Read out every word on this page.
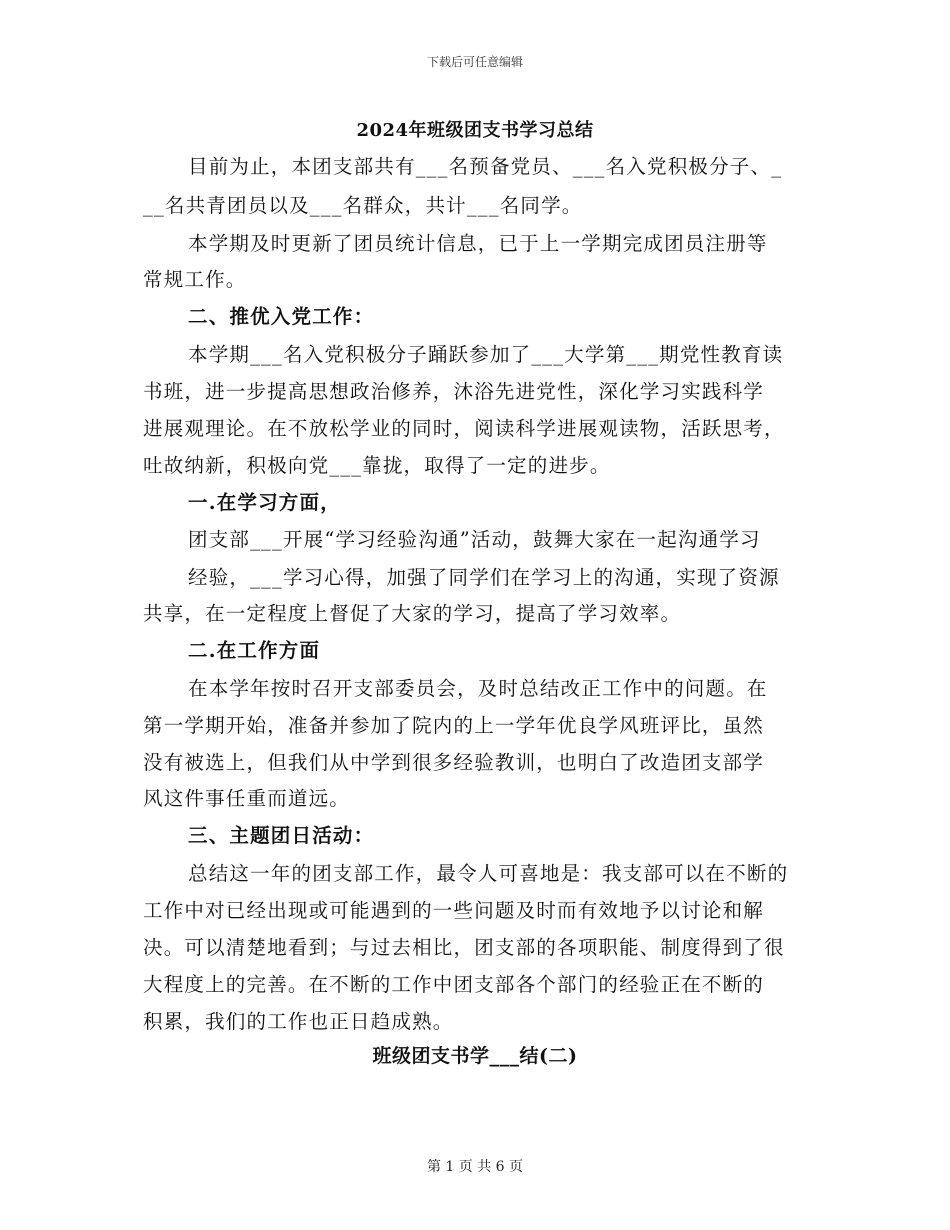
下载后可任意编辑
2024年班级团支书学习总结
目前为止，本团支部共有___名预备党员、___名入党积极分子、_
__名共青团员以及___名群众，共计___名同学。
本学期及时更新了团员统计信息，已于上一学期完成团员注册等
常规工作。
二、推优入党工作：
本学期___名入党积极分子踊跃参加了___大学第___期党性教育读
书班，进一步提高思想政治修养，沐浴先进党性，深化学习实践科学
进展观理论。在不放松学业的同时，阅读科学进展观读物，活跃思考，
吐故纳新，积极向党___靠拢，取得了一定的进步。
一.在学习方面，
团支部___开展“学习经验沟通”活动，鼓舞大家在一起沟通学习
经验，___学习心得，加强了同学们在学习上的沟通，实现了资源
共享，在一定程度上督促了大家的学习，提高了学习效率。
二.在工作方面
在本学年按时召开支部委员会，及时总结改正工作中的问题。在
第一学期开始，准备并参加了院内的上一学年优良学风班评比，虽然
没有被选上，但我们从中学到很多经验教训，也明白了改造团支部学
风这件事任重而道远。
三、主题团日活动：
总结这一年的团支部工作，最令人可喜地是：我支部可以在不断的
工作中对已经出现或可能遇到的一些问题及时而有效地予以讨论和解
决。可以清楚地看到；与过去相比，团支部的各项职能、制度得到了很
大程度上的完善。在不断的工作中团支部各个部门的经验正在不断的
积累，我们的工作也正日趋成熟。
班级团支书学___结(二)
第 1 页 共 6 页
